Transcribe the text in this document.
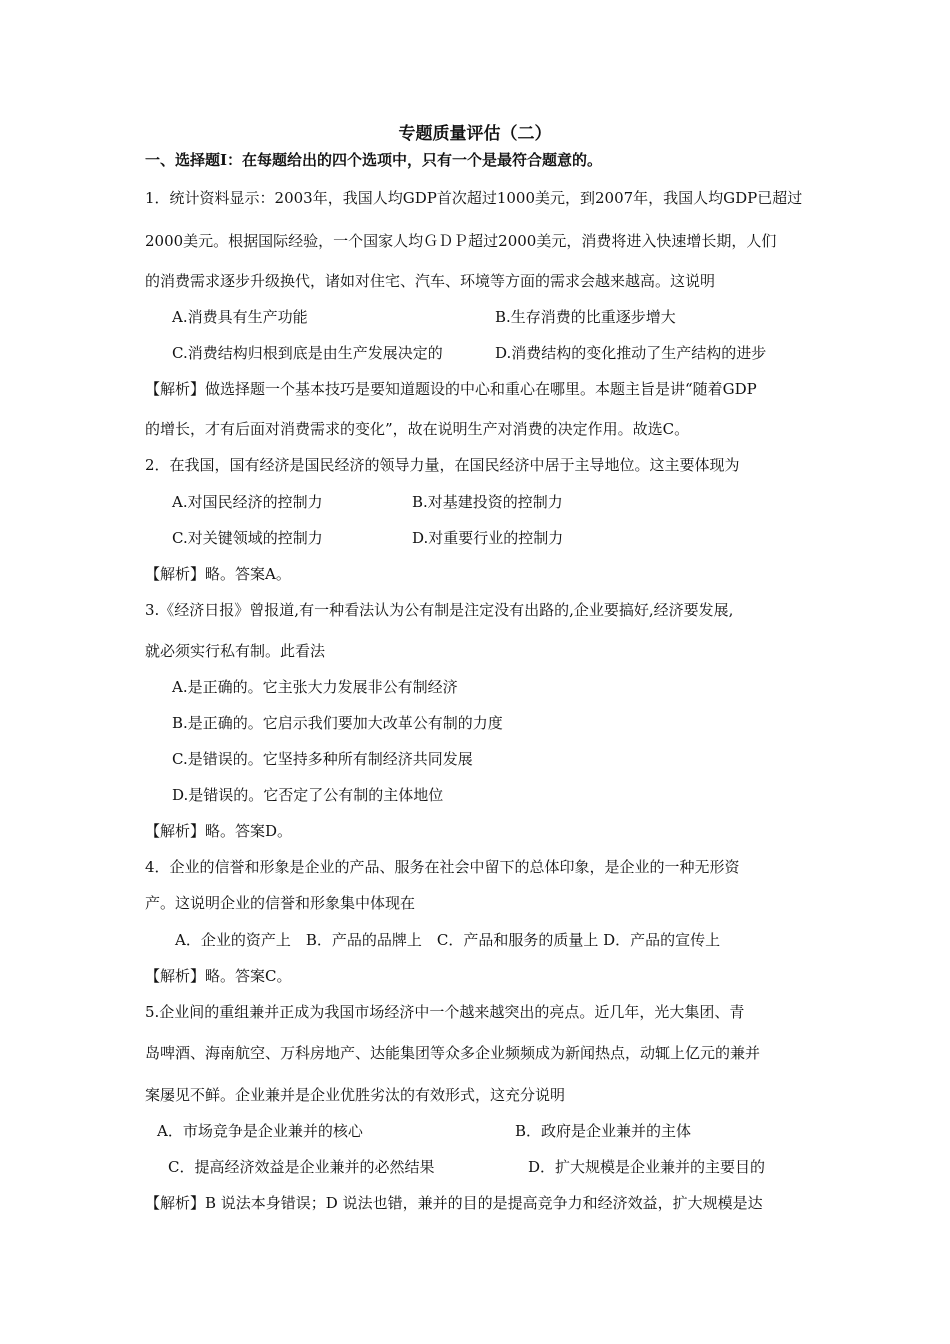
专题质量评估（二）
一、选择题Ⅰ：在每题给出的四个选项中，只有一个是最符合题意的。
1．统计资料显示：2003年，我国人均GDP首次超过1000美元，到2007年，我国人均GDP已超过
2000美元。根据国际经验，一个国家人均ＧＤＰ超过2000美元，消费将进入快速增长期，人们
的消费需求逐步升级换代，诸如对住宅、汽车、环境等方面的需求会越来越高。这说明
A.消费具有生产功能	B.生存消费的比重逐步增大
C.消费结构归根到底是由生产发展决定的	D.消费结构的变化推动了生产结构的进步
【解析】做选择题一个基本技巧是要知道题设的中心和重心在哪里。本题主旨是讲“随着GDP
的增长，才有后面对消费需求的变化”，故在说明生产对消费的决定作用。故选C。
2．在我国，国有经济是国民经济的领导力量，在国民经济中居于主导地位。这主要体现为
A.对国民经济的控制力	B.对基建投资的控制力
C.对关键领域的控制力	D.对重要行业的控制力
【解析】略。答案A。
3.《经济日报》曾报道,有一种看法认为公有制是注定没有出路的,企业要搞好,经济要发展,
就必须实行私有制。此看法
A.是正确的。它主张大力发展非公有制经济
B.是正确的。它启示我们要加大改革公有制的力度
C.是错误的。它坚持多种所有制经济共同发展
D.是错误的。它否定了公有制的主体地位
【解析】略。答案D。
4．企业的信誉和形象是企业的产品、服务在社会中留下的总体印象，是企业的一种无形资
产。这说明企业的信誉和形象集中体现在
A．企业的资产上　B．产品的品牌上　C．产品和服务的质量上 D．产品的宣传上
【解析】略。答案C。
5.企业间的重组兼并正成为我国市场经济中一个越来越突出的亮点。近几年，光大集团、青
岛啤酒、海南航空、万科房地产、达能集团等众多企业频频成为新闻热点，动辄上亿元的兼并
案屡见不鲜。企业兼并是企业优胜劣汰的有效形式，这充分说明
A．市场竞争是企业兼并的核心	B．政府是企业兼并的主体
C．提高经济效益是企业兼并的必然结果	D．扩大规模是企业兼并的主要目的
【解析】B 说法本身错误；D 说法也错，兼并的目的是提高竞争力和经济效益，扩大规模是达
